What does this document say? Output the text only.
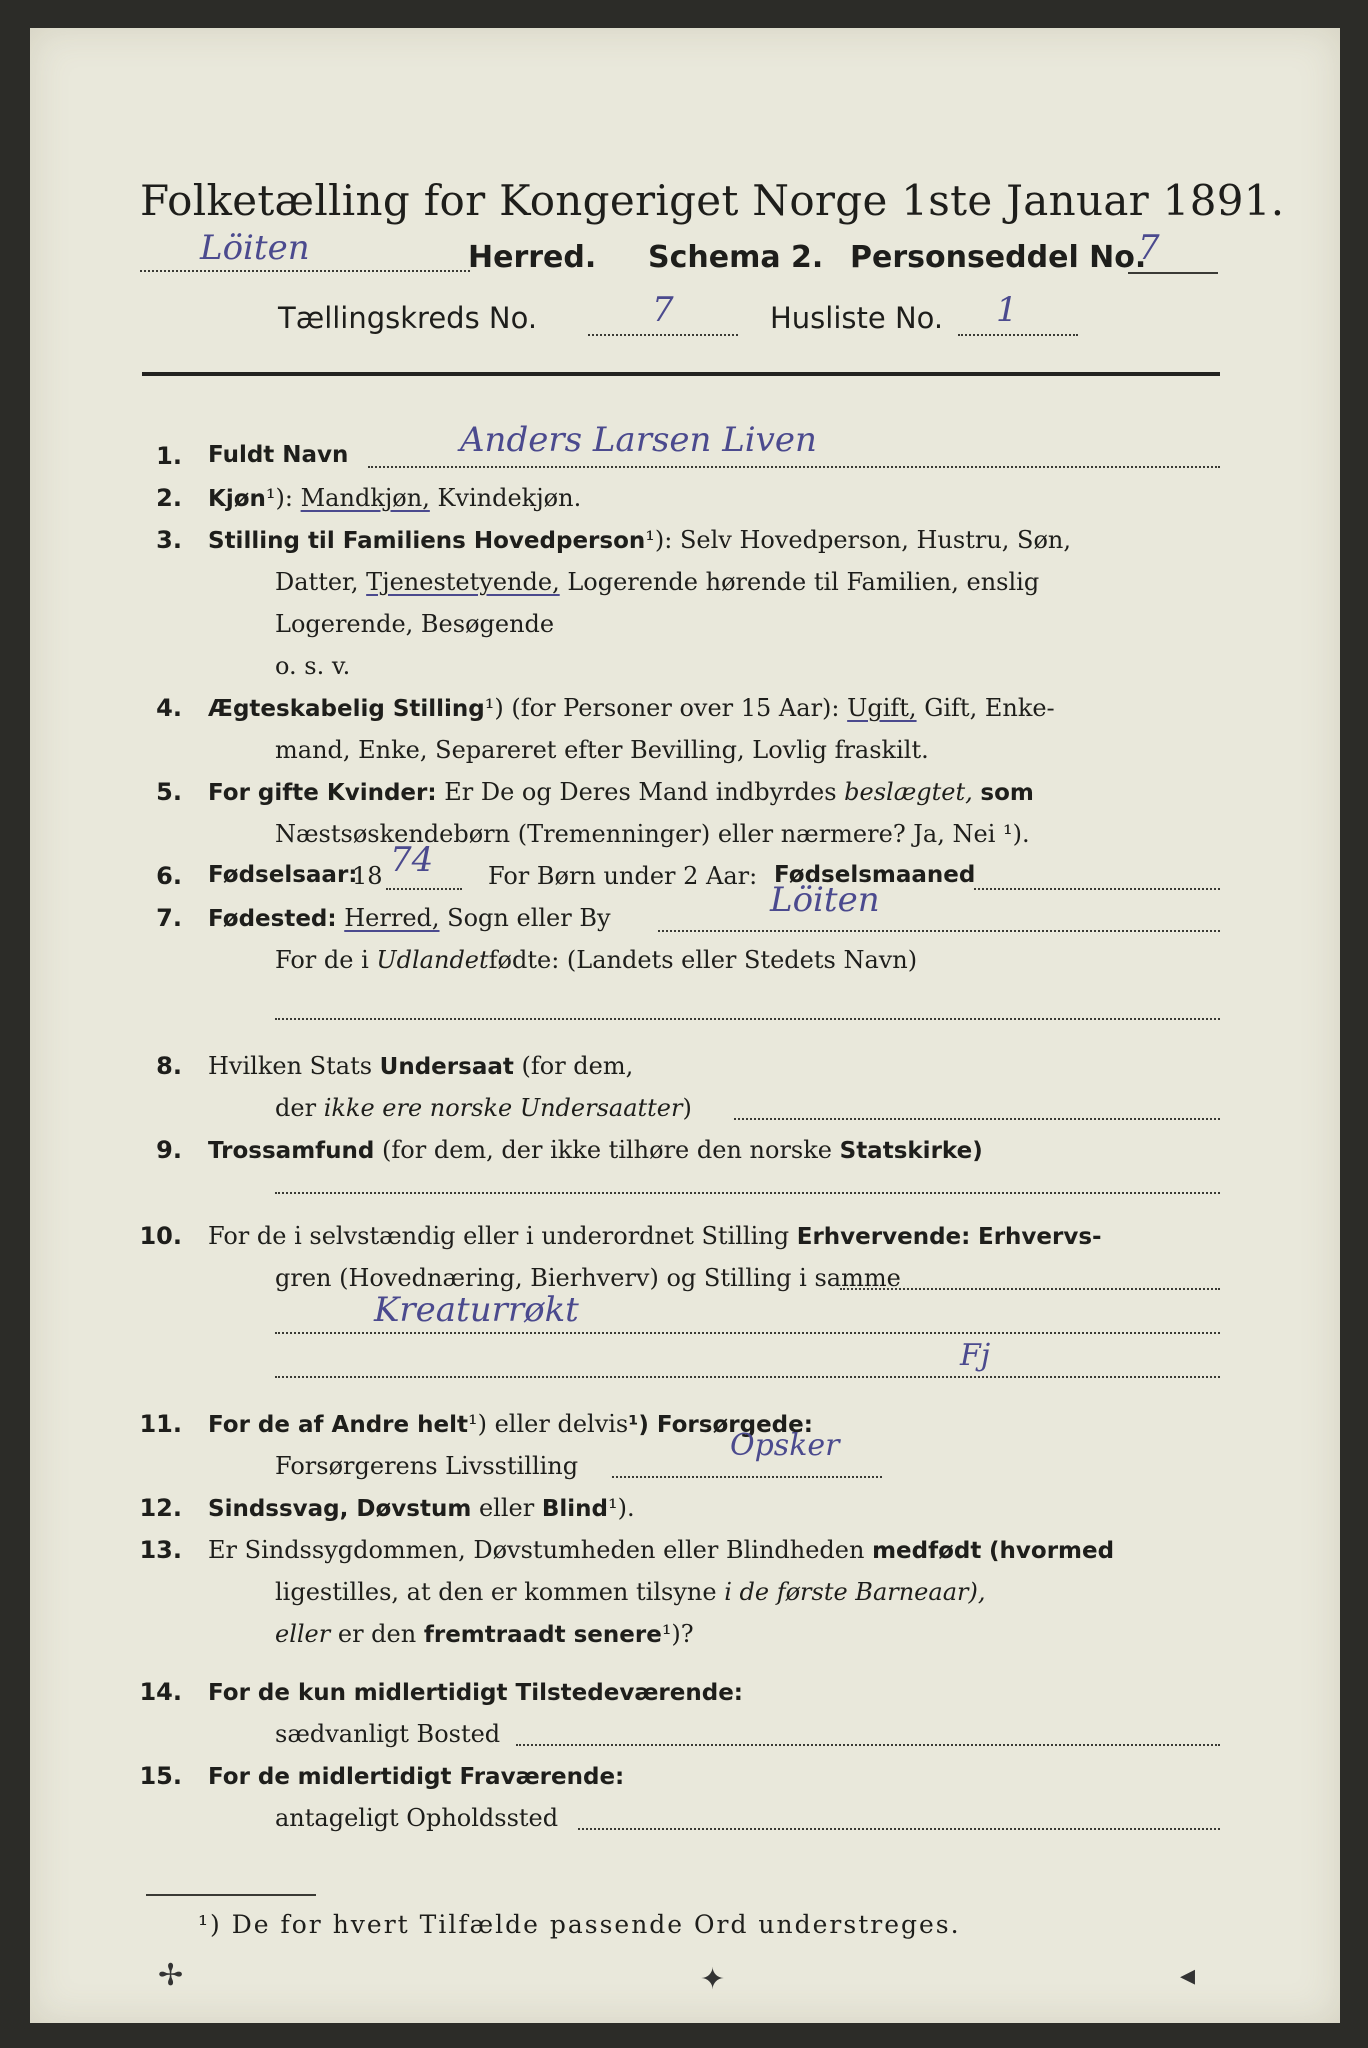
Folketælling for Kongeriget Norge 1ste Januar 1891.
Löiten	Herred. Schema 2. Personseddel No.
7
Tællingskreds No.	7	Husliste No. 1
1. Fuldt Navn	Anders Larsen Liven
2. Kjøn¹): Mandkjøn, Kvindekjøn.
3. Stilling til Familiens Hovedperson¹): Selv Hovedperson, Hustru, Søn,
Datter, Tjenestetyende, Logerende hørende til Familien, enslig
Logerende, Besøgende
o. s. v.
4. Ægteskabelig Stilling¹) (for Personer over 15 Aar): Ugift, Gift, Enke-
mand, Enke, Separeret efter Bevilling, Lovlig fraskilt.
5. For gifte Kvinder: Er De og Deres Mand indbyrdes beslægtet, som
Næstsøskendebørn (Tremenninger) eller nærmere? Ja, Nei ¹).
6. Fødselsaar:
18 74 For Børn under 2 Aar: Fødselsmaaned
7. Fødested: Herred, Sogn eller By	Löiten
For de i Udlandetfødte: (Landets eller Stedets Navn)
8. Hvilken Stats Undersaat (for dem,
der ikke ere norske Undersaatter)
9. Trossamfund (for dem, der ikke tilhøre den norske Statskirke)
10. For de i selvstændig eller i underordnet Stilling Erhvervende: Erhvervs-
gren (Hovednæring, Bierhverv) og Stilling i samme
Kreaturrøkt
Fj
11. For de af Andre helt¹) eller delvis¹) Forsørgede:
Forsørgerens Livsstilling
Opsker
12. Sindssvag, Døvstum eller Blind¹).
13. Er Sindssygdommen, Døvstumheden eller Blindheden medfødt (hvormed
ligestilles, at den er kommen tilsyne i de første Barneaar),
eller er den fremtraadt senere¹)?
14. For de kun midlertidigt Tilstedeværende:
sædvanligt Bosted
15. For de midlertidigt Fraværende:
antageligt Opholdssted
¹) De for hvert Tilfælde passende Ord understreges.
✢	✦	◂
